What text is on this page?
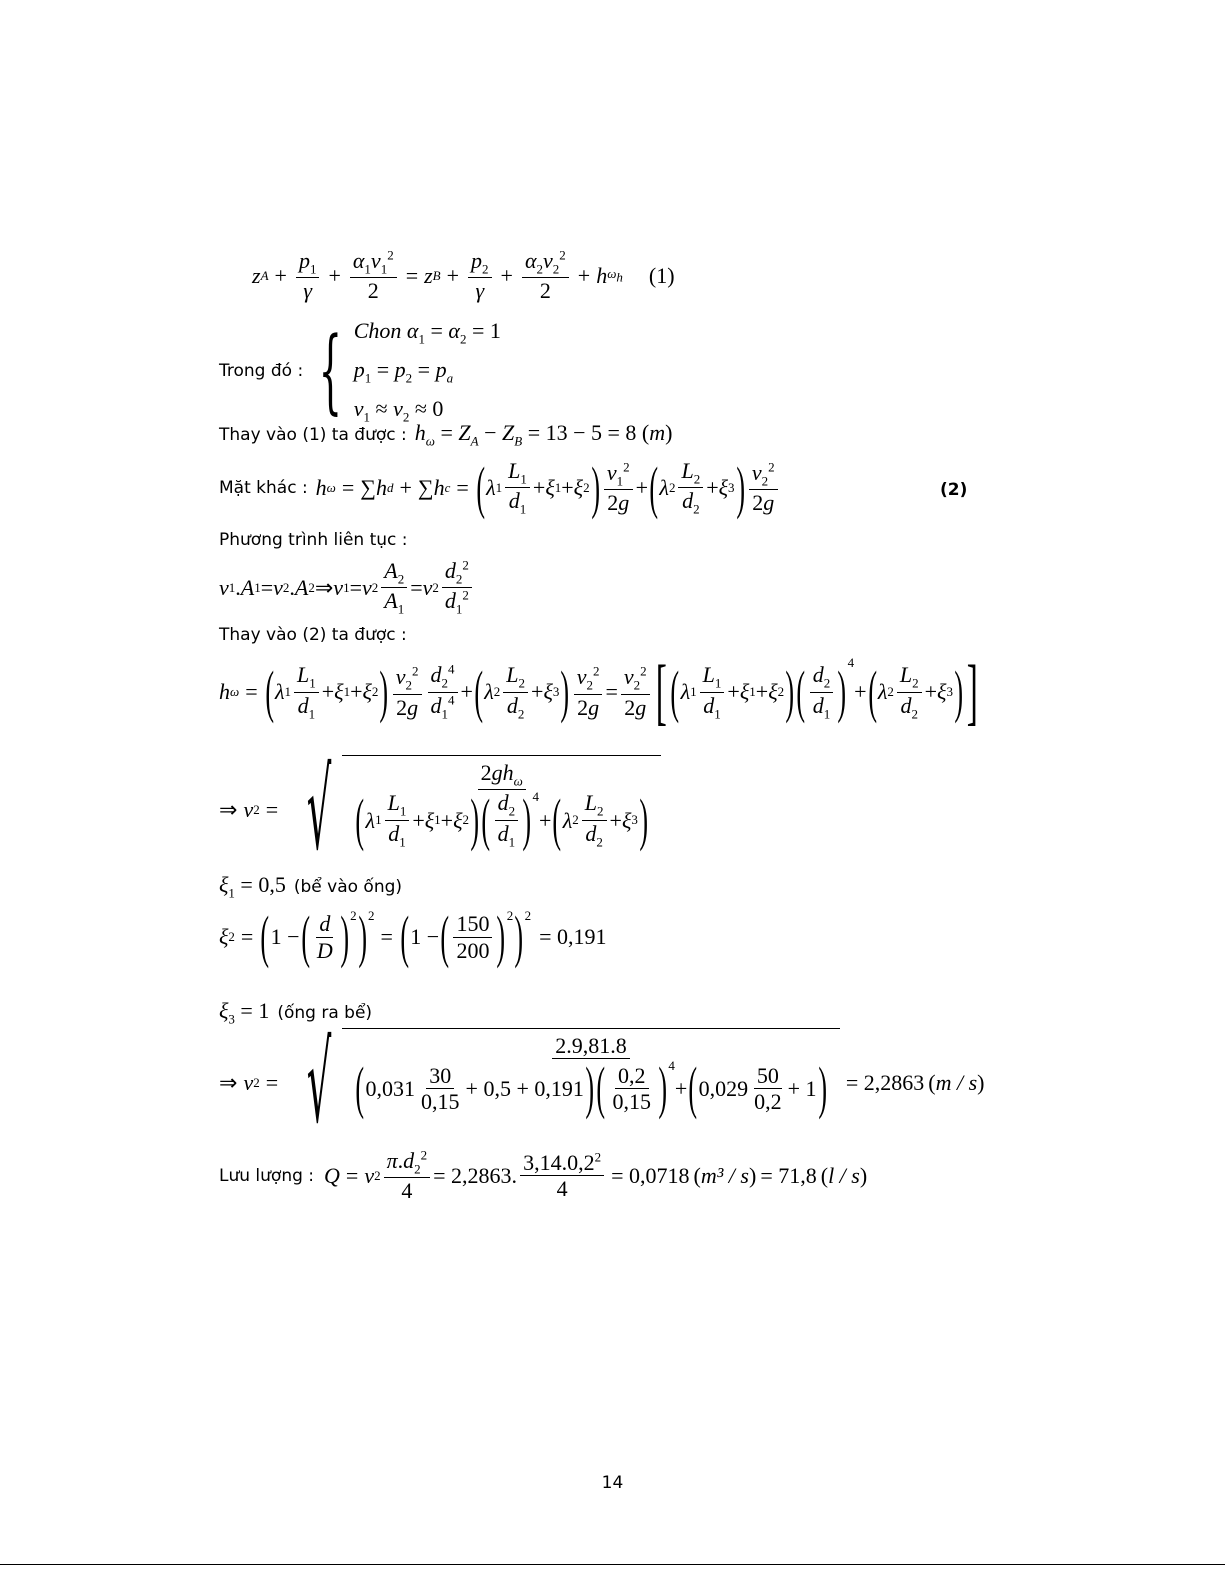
z $A + \frac{p_1}{\gamma} + \frac{\alpha_1v_1^2}{2} = z$ $B + \frac{p_2}{\gamma} + \frac{\alpha_2v_2^2}{2} + h$ $\omega_h$ (1)
Trong đó : { Chon $\alpha_1 = \alpha_2 = 1$
$p_1 = p_2 = p_a$
$v_1 \approx v_2 \approx 0$
Thay vào (1) ta được : $h_\omega = Z_A - Z_B = 13 - 5 = 8$ (m)
Mặt khác : h ω = ∑ h d + ∑ h c = ( λ $1 \frac{L_1}{d_1} + \xi$ 1 + ξ 2 ) $\frac{v_1^2}{2g}$ + ( λ $2 \frac{L_2}{d_2} + \xi$ 3 ) $\frac{v_2^2}{2g}$	(2)
Phương trình liên tục :
v 1 . A 1 = v 2 . A 2 ⇒ v 1 = v $2 \frac{A_2}{A_1} = v$ $2 \frac{d_2^2}{d_1^2}$
Thay vào (2) ta được :
h ω = ( λ $1 \frac{L_1}{d_1} + \xi$ 1 + ξ 2 ) $\frac{v_2^2}{2g} \frac{d_2^4}{d_1^4}$ + ( λ $2 \frac{L_2}{d_2} + \xi$ 3 ) $\frac{v_2^2}{2g} = \frac{v_2^2}{2g}$ [ ( λ $1 \frac{L_1}{d_1} + \xi$ 1 + ξ 2 ) ( $\frac{d_2}{d_1} )^4$
+ ( λ $2 \frac{L_2}{d_2} + \xi$ 3 ) ]
⇒ v 2 = √	$2gh_\omega$
( λ $1 \frac{L_1}{d_1} + \xi$ 1 + ξ 2 ) ( $\frac{d_2}{d_1} )^4$
+ ( λ $2 \frac{L_2}{d_2} + \xi$ 3 )
$\xi_1 = 0,5$ (bể vào ống)
ξ 2 = ( 1 − ( $\frac{d}{D} )^2$ )$^2$
= ( 1 − ( $\frac{150}{200} )^2$ )$^2$
= 0,191
$\xi_3 = 1$ (ống ra bể)
⇒ v 2 = √	2.9,81.8
( $0,031 \frac{30}{0,15} + 0,5 + 0,191$ ) ( $\frac{0,2}{0,15} )^4$
+ ( $0,029 \frac{50}{0,2} + 1$ ) = 2,2863 (m / s)
Lưu lượng : Q = v $2 \frac{\pi.d_2^2}{4} = 2,2863$. $\frac{3,14.0,2^2}{4} = 0,0718$ (m³ / s) = 71,8 (l / s)
14
